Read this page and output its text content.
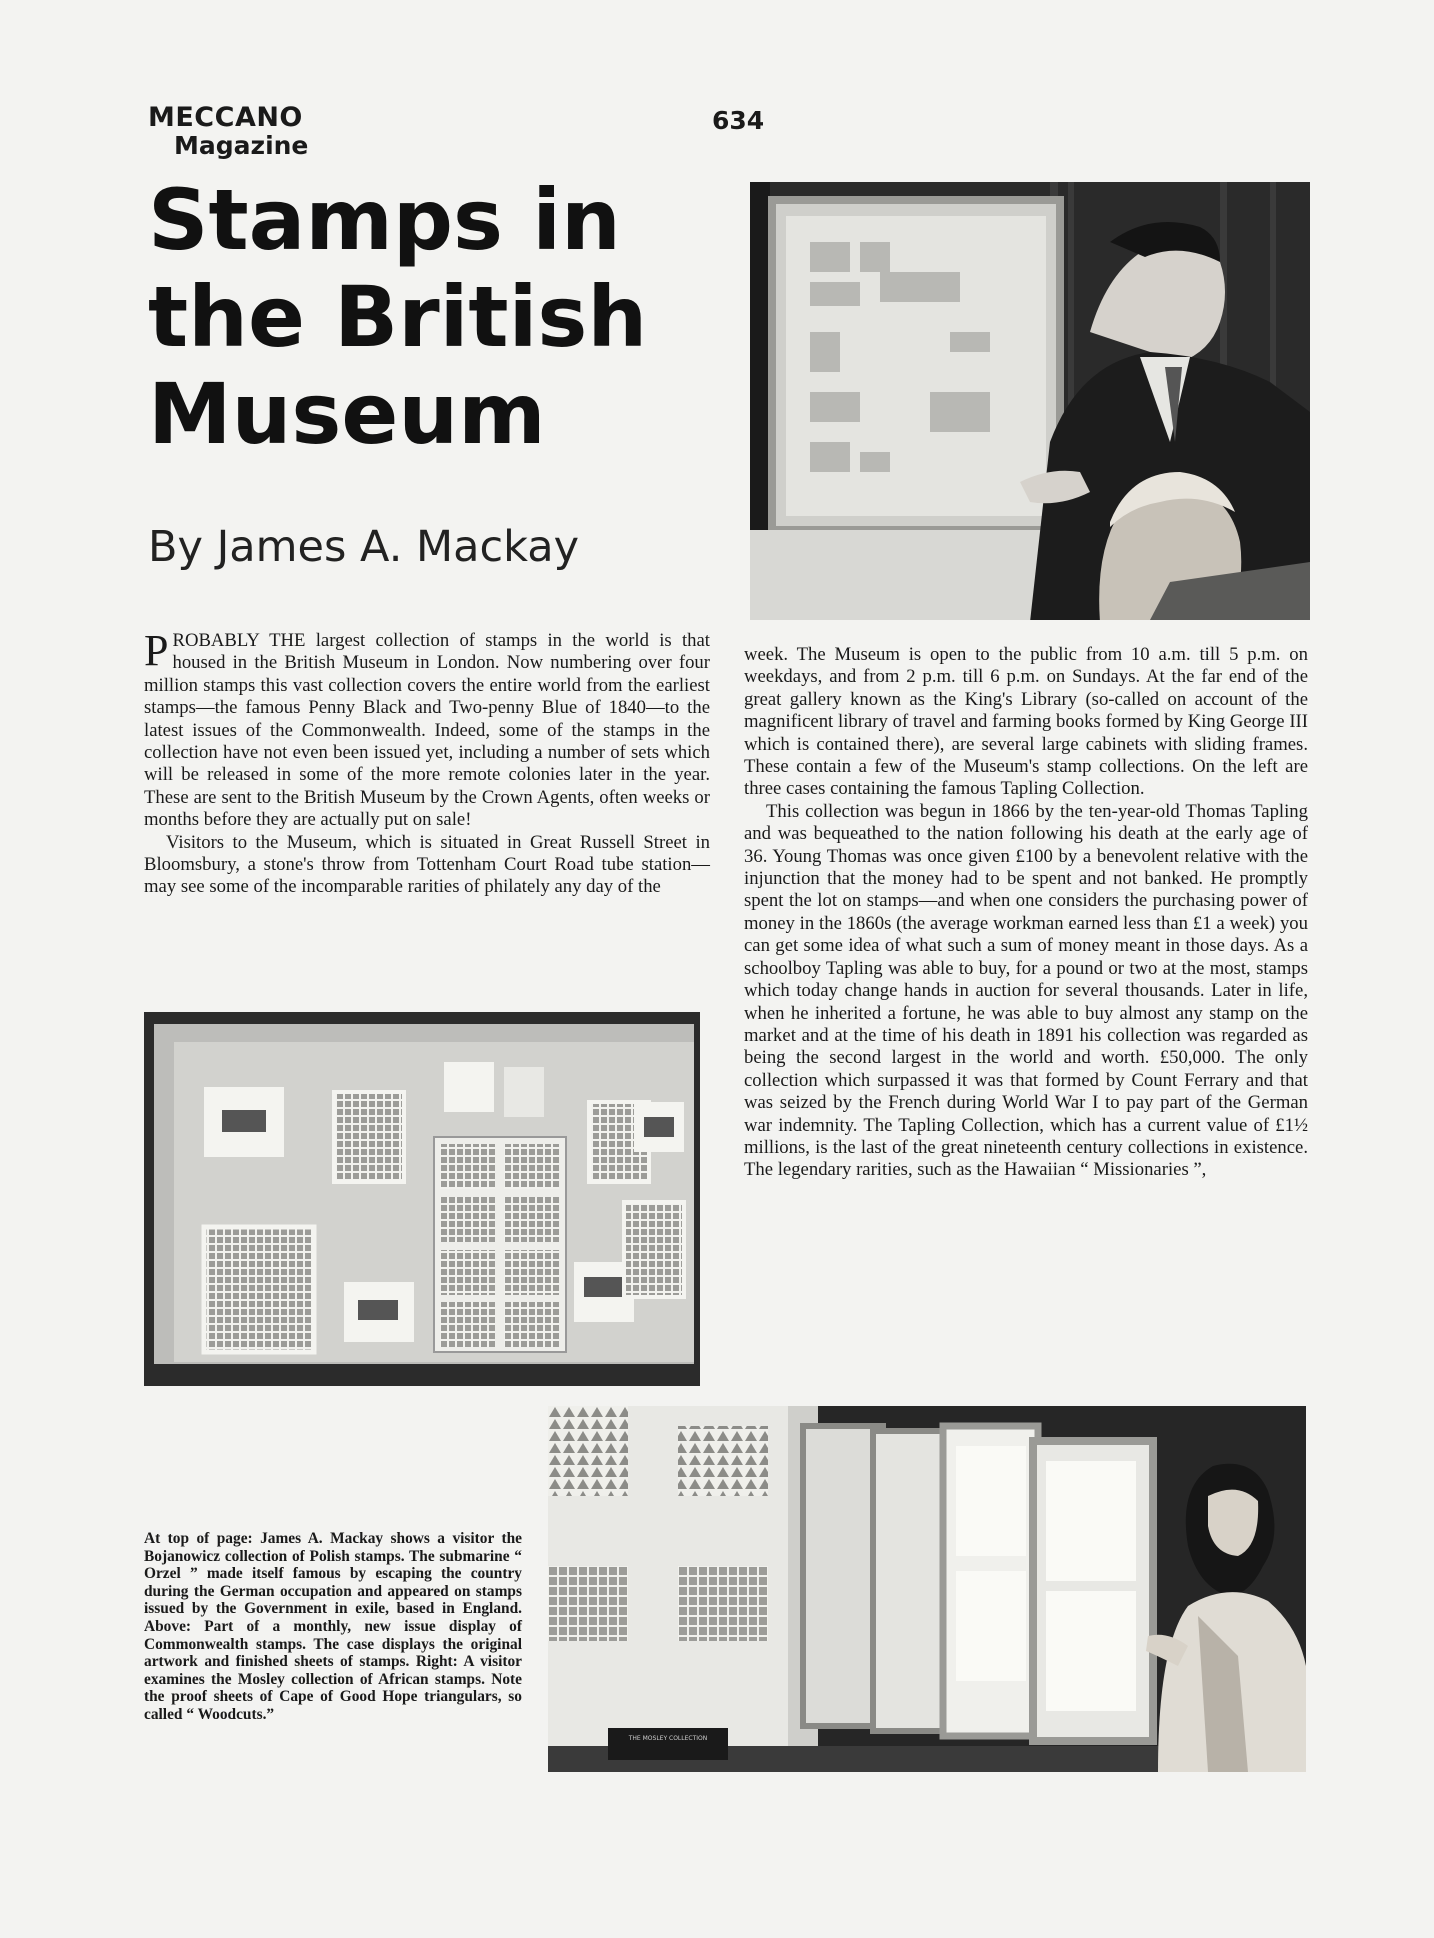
MECCANO
Magazine
634
Stamps in the British Museum
By James A. Mackay

PROBABLY THE largest collection of stamps in the world is that housed in the British Museum in London. Now numbering over four million stamps this vast collection covers the entire world from the earliest stamps—the famous Penny Black and Two-penny Blue of 1840—to the latest issues of the Commonwealth. Indeed, some of the stamps in the collection have not even been issued yet, including a number of sets which will be released in some of the more remote colonies later in the year. These are sent to the British Museum by the Crown Agents, often weeks or months before they are actually put on sale!

Visitors to the Museum, which is situated in Great Russell Street in Bloomsbury, a stone's throw from Tottenham Court Road tube station—may see some of the incomparable rarities of philately any day of the

week. The Museum is open to the public from 10 a.m. till 5 p.m. on weekdays, and from 2 p.m. till 6 p.m. on Sundays. At the far end of the great gallery known as the King's Library (so-called on account of the magnificent library of travel and farming books formed by King George III which is contained there), are several large cabinets with sliding frames. These contain a few of the Museum's stamp collections. On the left are three cases containing the famous Tapling Collection.

This collection was begun in 1866 by the ten-year-old Thomas Tapling and was bequeathed to the nation following his death at the early age of 36. Young Thomas was once given £100 by a benevolent relative with the injunction that the money had to be spent and not banked. He promptly spent the lot on stamps—and when one considers the purchasing power of money in the 1860s (the average workman earned less than £1 a week) you can get some idea of what such a sum of money meant in those days. As a schoolboy Tapling was able to buy, for a pound or two at the most, stamps which today change hands in auction for several thousands. Later in life, when he inherited a fortune, he was able to buy almost any stamp on the market and at the time of his death in 1891 his collection was regarded as being the second largest in the world and worth. £50,000. The only collection which surpassed it was that formed by Count Ferrary and that was seized by the French during World War I to pay part of the German war indemnity. The Tapling Collection, which has a current value of £1½ millions, is the last of the great nineteenth century collections in existence. The legendary rarities, such as the Hawaiian “ Missionaries ”,

At top of page: James A. Mackay shows a visitor the Bojanowicz collection of Polish stamps. The submarine “ Orzel ” made itself famous by escaping the country during the German occupation and appeared on stamps issued by the Government in exile, based in England. Above: Part of a monthly, new issue display of Commonwealth stamps. The case displays the original artwork and finished sheets of stamps. Right: A visitor examines the Mosley collection of African stamps. Note the proof sheets of Cape of Good Hope triangulars, so called “ Woodcuts.”
THE MOSLEY COLLECTION
